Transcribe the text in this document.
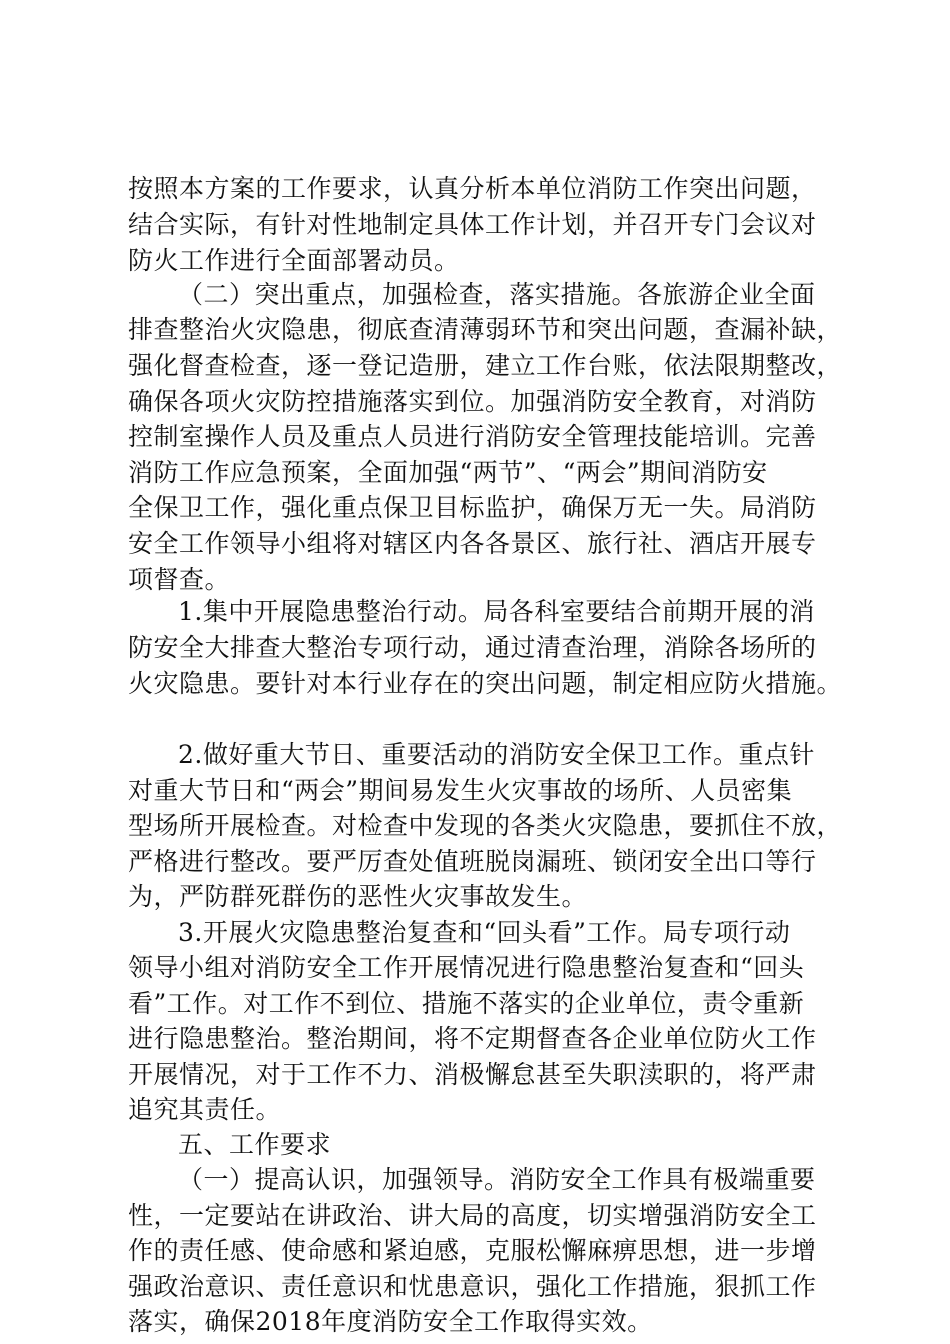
按照本方案的工作要求，认真分析本单位消防工作突出问题，
结合实际，有针对性地制定具体工作计划，并召开专门会议对
防火工作进行全面部署动员。
（二）突出重点，加强检查，落实措施。各旅游企业全面
排查整治火灾隐患，彻底查清薄弱环节和突出问题，查漏补缺，
强化督查检查，逐一登记造册，建立工作台账，依法限期整改，
确保各项火灾防控措施落实到位。加强消防安全教育，对消防
控制室操作人员及重点人员进行消防安全管理技能培训。完善
消防工作应急预案，全面加强“两节”、“两会”期间消防安
全保卫工作，强化重点保卫目标监护，确保万无一失。局消防
安全工作领导小组将对辖区内各各景区、旅行社、酒店开展专
项督查。
1.集中开展隐患整治行动。局各科室要结合前期开展的消
防安全大排查大整治专项行动，通过清查治理，消除各场所的
火灾隐患。要针对本行业存在的突出问题，制定相应防火措施。
2.做好重大节日、重要活动的消防安全保卫工作。重点针
对重大节日和“两会”期间易发生火灾事故的场所、人员密集
型场所开展检查。对检查中发现的各类火灾隐患，要抓住不放，
严格进行整改。要严厉查处值班脱岗漏班、锁闭安全出口等行
为，严防群死群伤的恶性火灾事故发生。
3.开展火灾隐患整治复查和“回头看”工作。局专项行动
领导小组对消防安全工作开展情况进行隐患整治复查和“回头
看”工作。对工作不到位、措施不落实的企业单位，责令重新
进行隐患整治。整治期间，将不定期督查各企业单位防火工作
开展情况，对于工作不力、消极懈怠甚至失职渎职的，将严肃
追究其责任。
五、工作要求
（一）提高认识，加强领导。消防安全工作具有极端重要
性，一定要站在讲政治、讲大局的高度，切实增强消防安全工
作的责任感、使命感和紧迫感，克服松懈麻痹思想，进一步增
强政治意识、责任意识和忧患意识，强化工作措施，狠抓工作
落实，确保2018年度消防安全工作取得实效。
